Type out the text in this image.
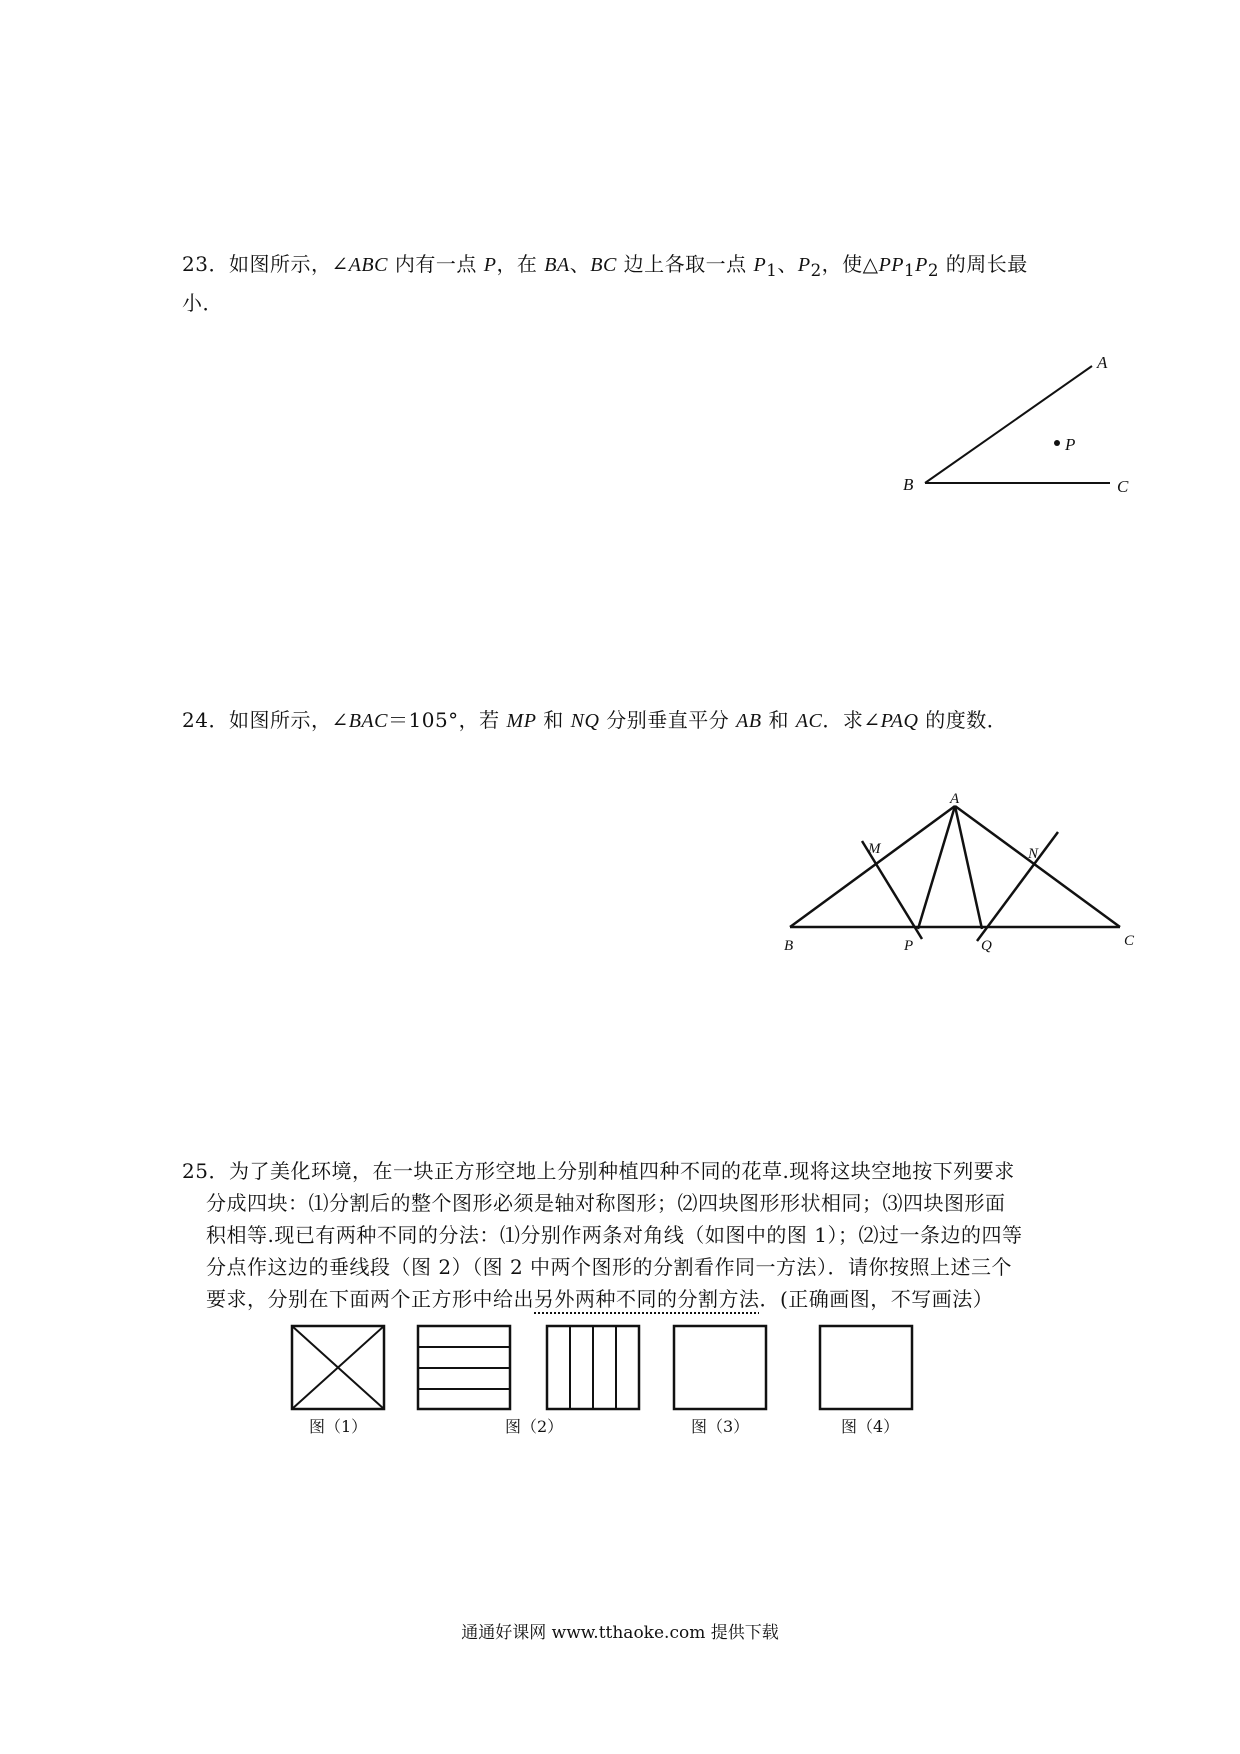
23．如图所示，∠ABC 内有一点 P，在 BA、BC 边上各取一点 $P_1$、$P_2$，使$\triangle PP_1P_2$ 的周长最
小．
A
P
B	C
24．如图所示，∠BAC＝105°，若 MP 和 NQ 分别垂直平分 AB 和 AC．求∠PAQ 的度数．
A
M	N
B	P	Q	C
25．为了美化环境，在一块正方形空地上分别种植四种不同的花草.现将这块空地按下列要求
分成四块：⑴分割后的整个图形必须是轴对称图形；⑵四块图形形状相同；⑶四块图形面
积相等.现已有两种不同的分法：⑴分别作两条对角线（如图中的图 1）；⑵过一条边的四等
分点作这边的垂线段（图 2）（图 2 中两个图形的分割看作同一方法）．请你按照上述三个
要求，分别在下面两个正方形中给出另外两种不同的分割方法．(正确画图，不写画法）
图（1）	图（2）	图（3）	图（4）
通通好课网 www.tthaoke.com 提供下载
